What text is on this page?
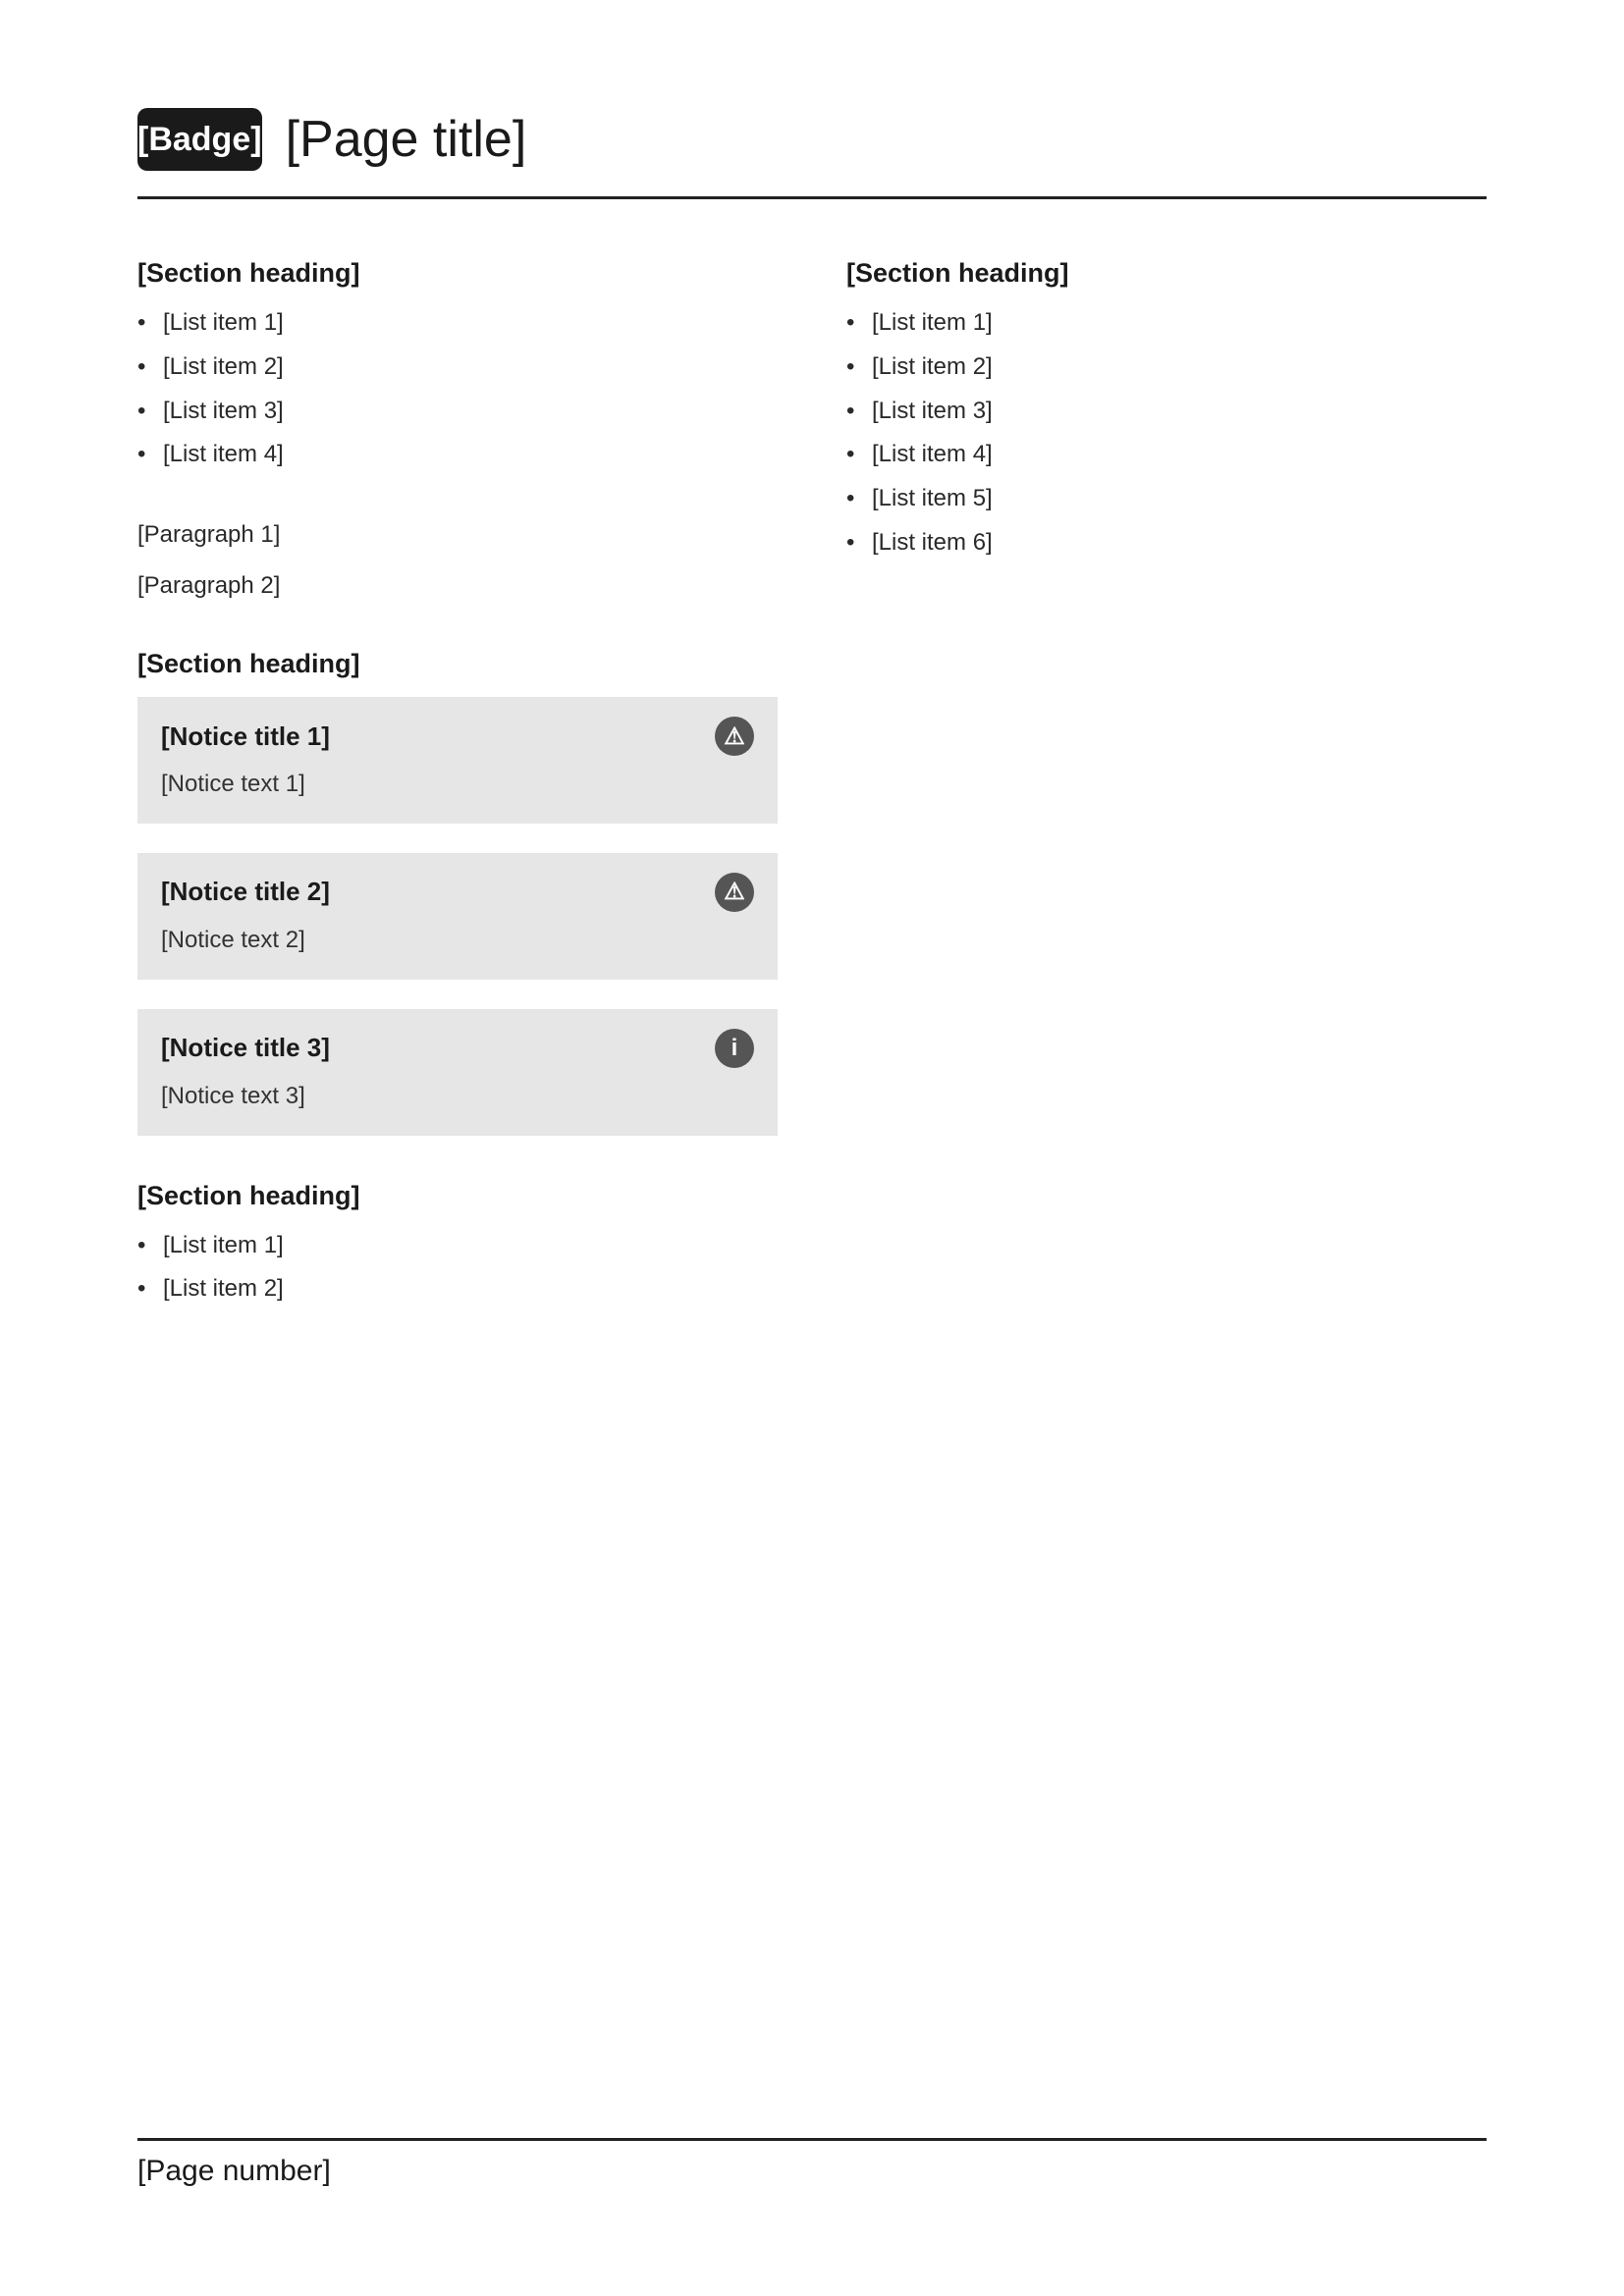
[Badge] [Page title]
[Section heading]
• [List item 1]
• [List item 2]
• [List item 3]
• [List item 4]

[Paragraph 1]

[Paragraph 2]

[Section heading]
[Notice title 1]	⚠
[Notice text 1]
[Notice title 2]	⚠
[Notice text 2]
[Notice title 3]	i
[Notice text 3]
[Section heading]
• [List item 1]
• [List item 2]
[Section heading]
• [List item 1]
• [List item 2]
• [List item 3]
• [List item 4]
• [List item 5]
• [List item 6]
[Page number]
